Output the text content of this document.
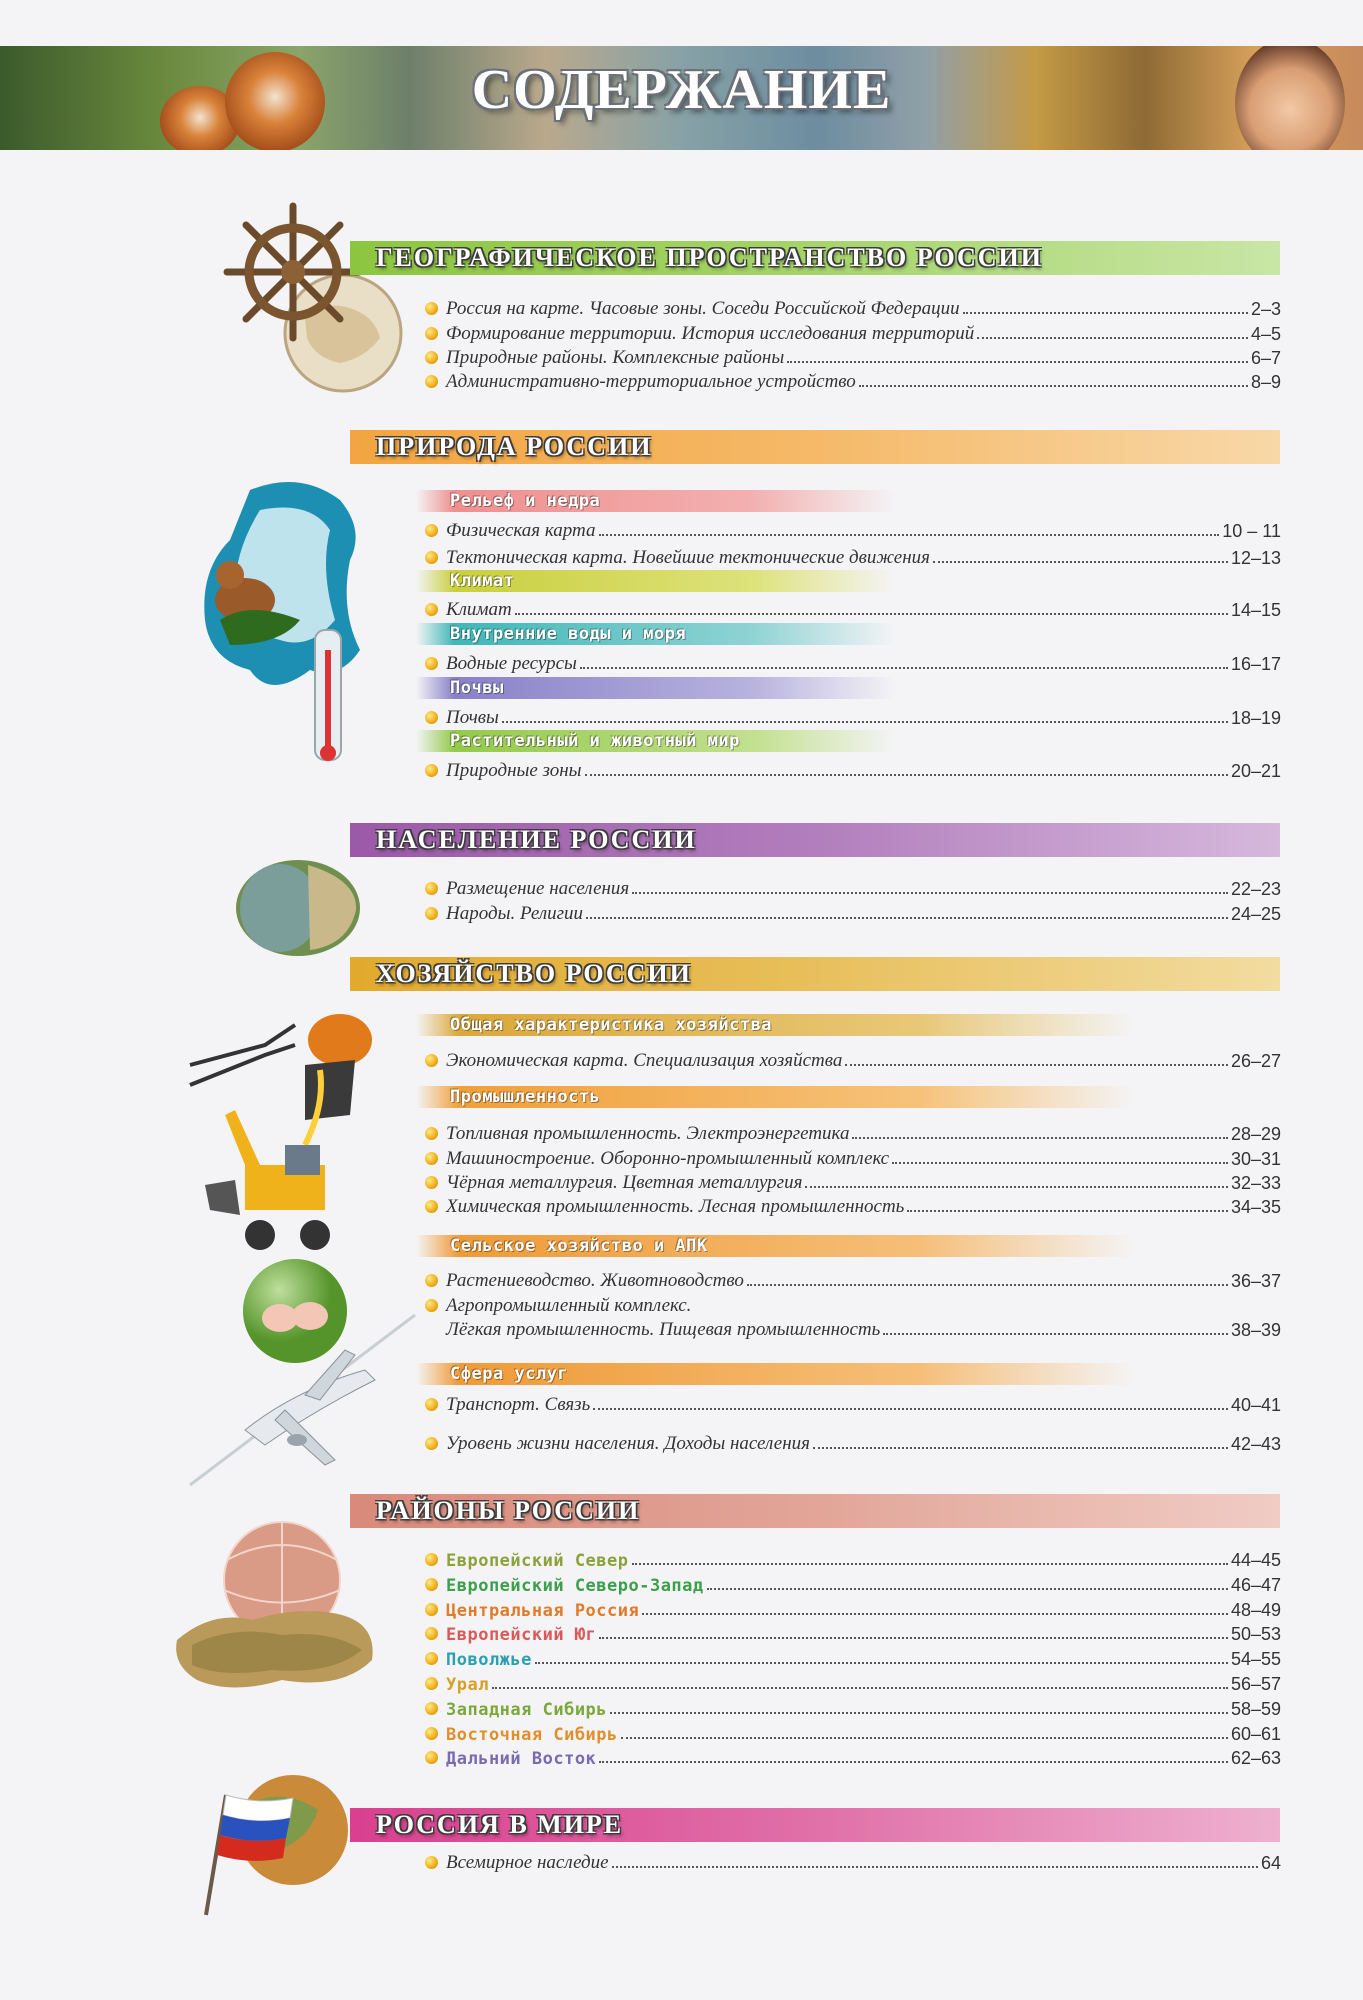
СОДЕРЖАНИЕ
ГЕОГРАФИЧЕСКОЕ ПРОСТРАНСТВО РОССИИ
Россия на карте. Часовые зоны. Соседи Российской Федерации	2–3
Формирование территории. История исследования территорий	4–5
Природные районы. Комплексные районы	6–7
Административно-территориальное устройство	8–9
ПРИРОДА РОССИИ
Рельеф и недра
Физическая карта	10 – 11
Тектоническая карта. Новейшие тектонические движения	12–13
Климат
Климат	14–15
Внутренние воды и моря
Водные ресурсы	16–17
Почвы
Почвы	18–19
Растительный и животный мир
Природные зоны	20–21
НАСЕЛЕНИЕ РОССИИ
Размещение населения	22–23
Народы. Религии	24–25
ХОЗЯЙСТВО РОССИИ
Общая характеристика хозяйства
Экономическая карта. Специализация хозяйства	26–27
Промышленность
Топливная промышленность. Электроэнергетика	28–29
Машиностроение. Оборонно-промышленный комплекс	30–31
Чёрная металлургия. Цветная металлургия	32–33
Химическая промышленность. Лесная промышленность	34–35
Сельское хозяйство и АПК
Растениеводство. Животноводство	36–37
Агропромышленный комплекс.
Лёгкая промышленность. Пищевая промышленность	38–39
Сфера услуг
Транспорт. Связь	40–41
Уровень жизни населения. Доходы населения	42–43
РАЙОНЫ РОССИИ
Европейский Север	44–45
Европейский Северо-Запад	46–47
Центральная Россия	48–49
Европейский Юг	50–53
Поволжье	54–55
Урал	56–57
Западная Сибирь	58–59
Восточная Сибирь	60–61
Дальний Восток	62–63
РОССИЯ В МИРЕ
Всемирное наследие	64
